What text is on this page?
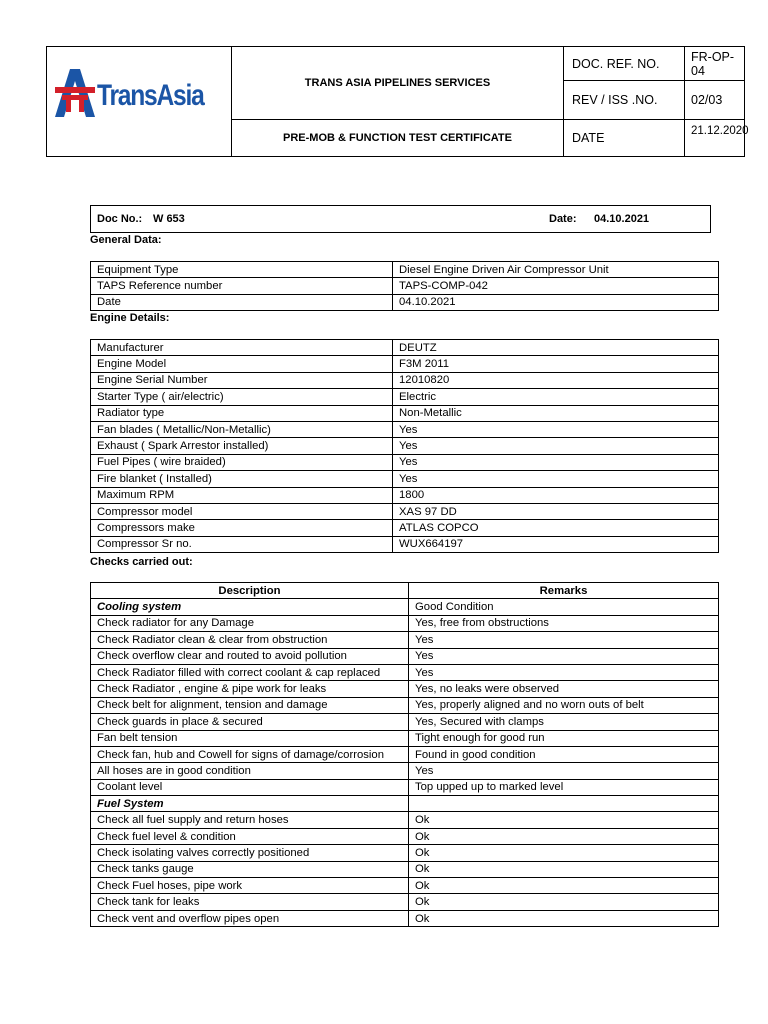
TransAsia	TRANS ASIA PIPELINES SERVICES
PRE-MOB & FUNCTION TEST CERTIFICATE
DOC. REF. NO.	FR-OP-04
REV / ISS .NO.	02/03
DATE	21.12.2020
Doc No.: W 653	Date: 04.10.2021
General Data:
Equipment Type	Diesel Engine Driven Air Compressor Unit
TAPS Reference number	TAPS-COMP-042
Date	04.10.2021
Engine Details:
Manufacturer	DEUTZ
Engine Model	F3M 2011
Engine Serial Number	12010820
Starter Type ( air/electric)	Electric
Radiator type	Non-Metallic
Fan blades ( Metallic/Non-Metallic)	Yes
Exhaust ( Spark Arrestor installed)	Yes
Fuel Pipes ( wire braided)	Yes
Fire blanket ( Installed)	Yes
Maximum RPM	1800
Compressor model	XAS 97 DD
Compressors make	ATLAS COPCO
Compressor Sr no.	WUX664197
Checks carried out:
Description	Remarks
Cooling system	Good Condition
Check radiator for any Damage	Yes, free from obstructions
Check Radiator clean & clear from obstruction	Yes
Check overflow clear and routed to avoid pollution	Yes
Check Radiator filled with correct coolant & cap replaced	Yes
Check Radiator , engine & pipe work for leaks	Yes, no leaks were observed
Check belt for alignment, tension and damage	Yes, properly aligned and no worn outs of belt
Check guards in place & secured	Yes, Secured with clamps
Fan belt tension	Tight enough for good run
Check fan, hub and Cowell for signs of damage/corrosion	Found in good condition
All hoses are in good condition	Yes
Coolant level	Top upped up to marked level
Fuel System	
Check all fuel supply and return hoses	Ok
Check fuel level & condition	Ok
Check isolating valves correctly positioned	Ok
Check tanks gauge	Ok
Check Fuel hoses, pipe work	Ok
Check tank for leaks	Ok
Check vent and overflow pipes open	Ok
